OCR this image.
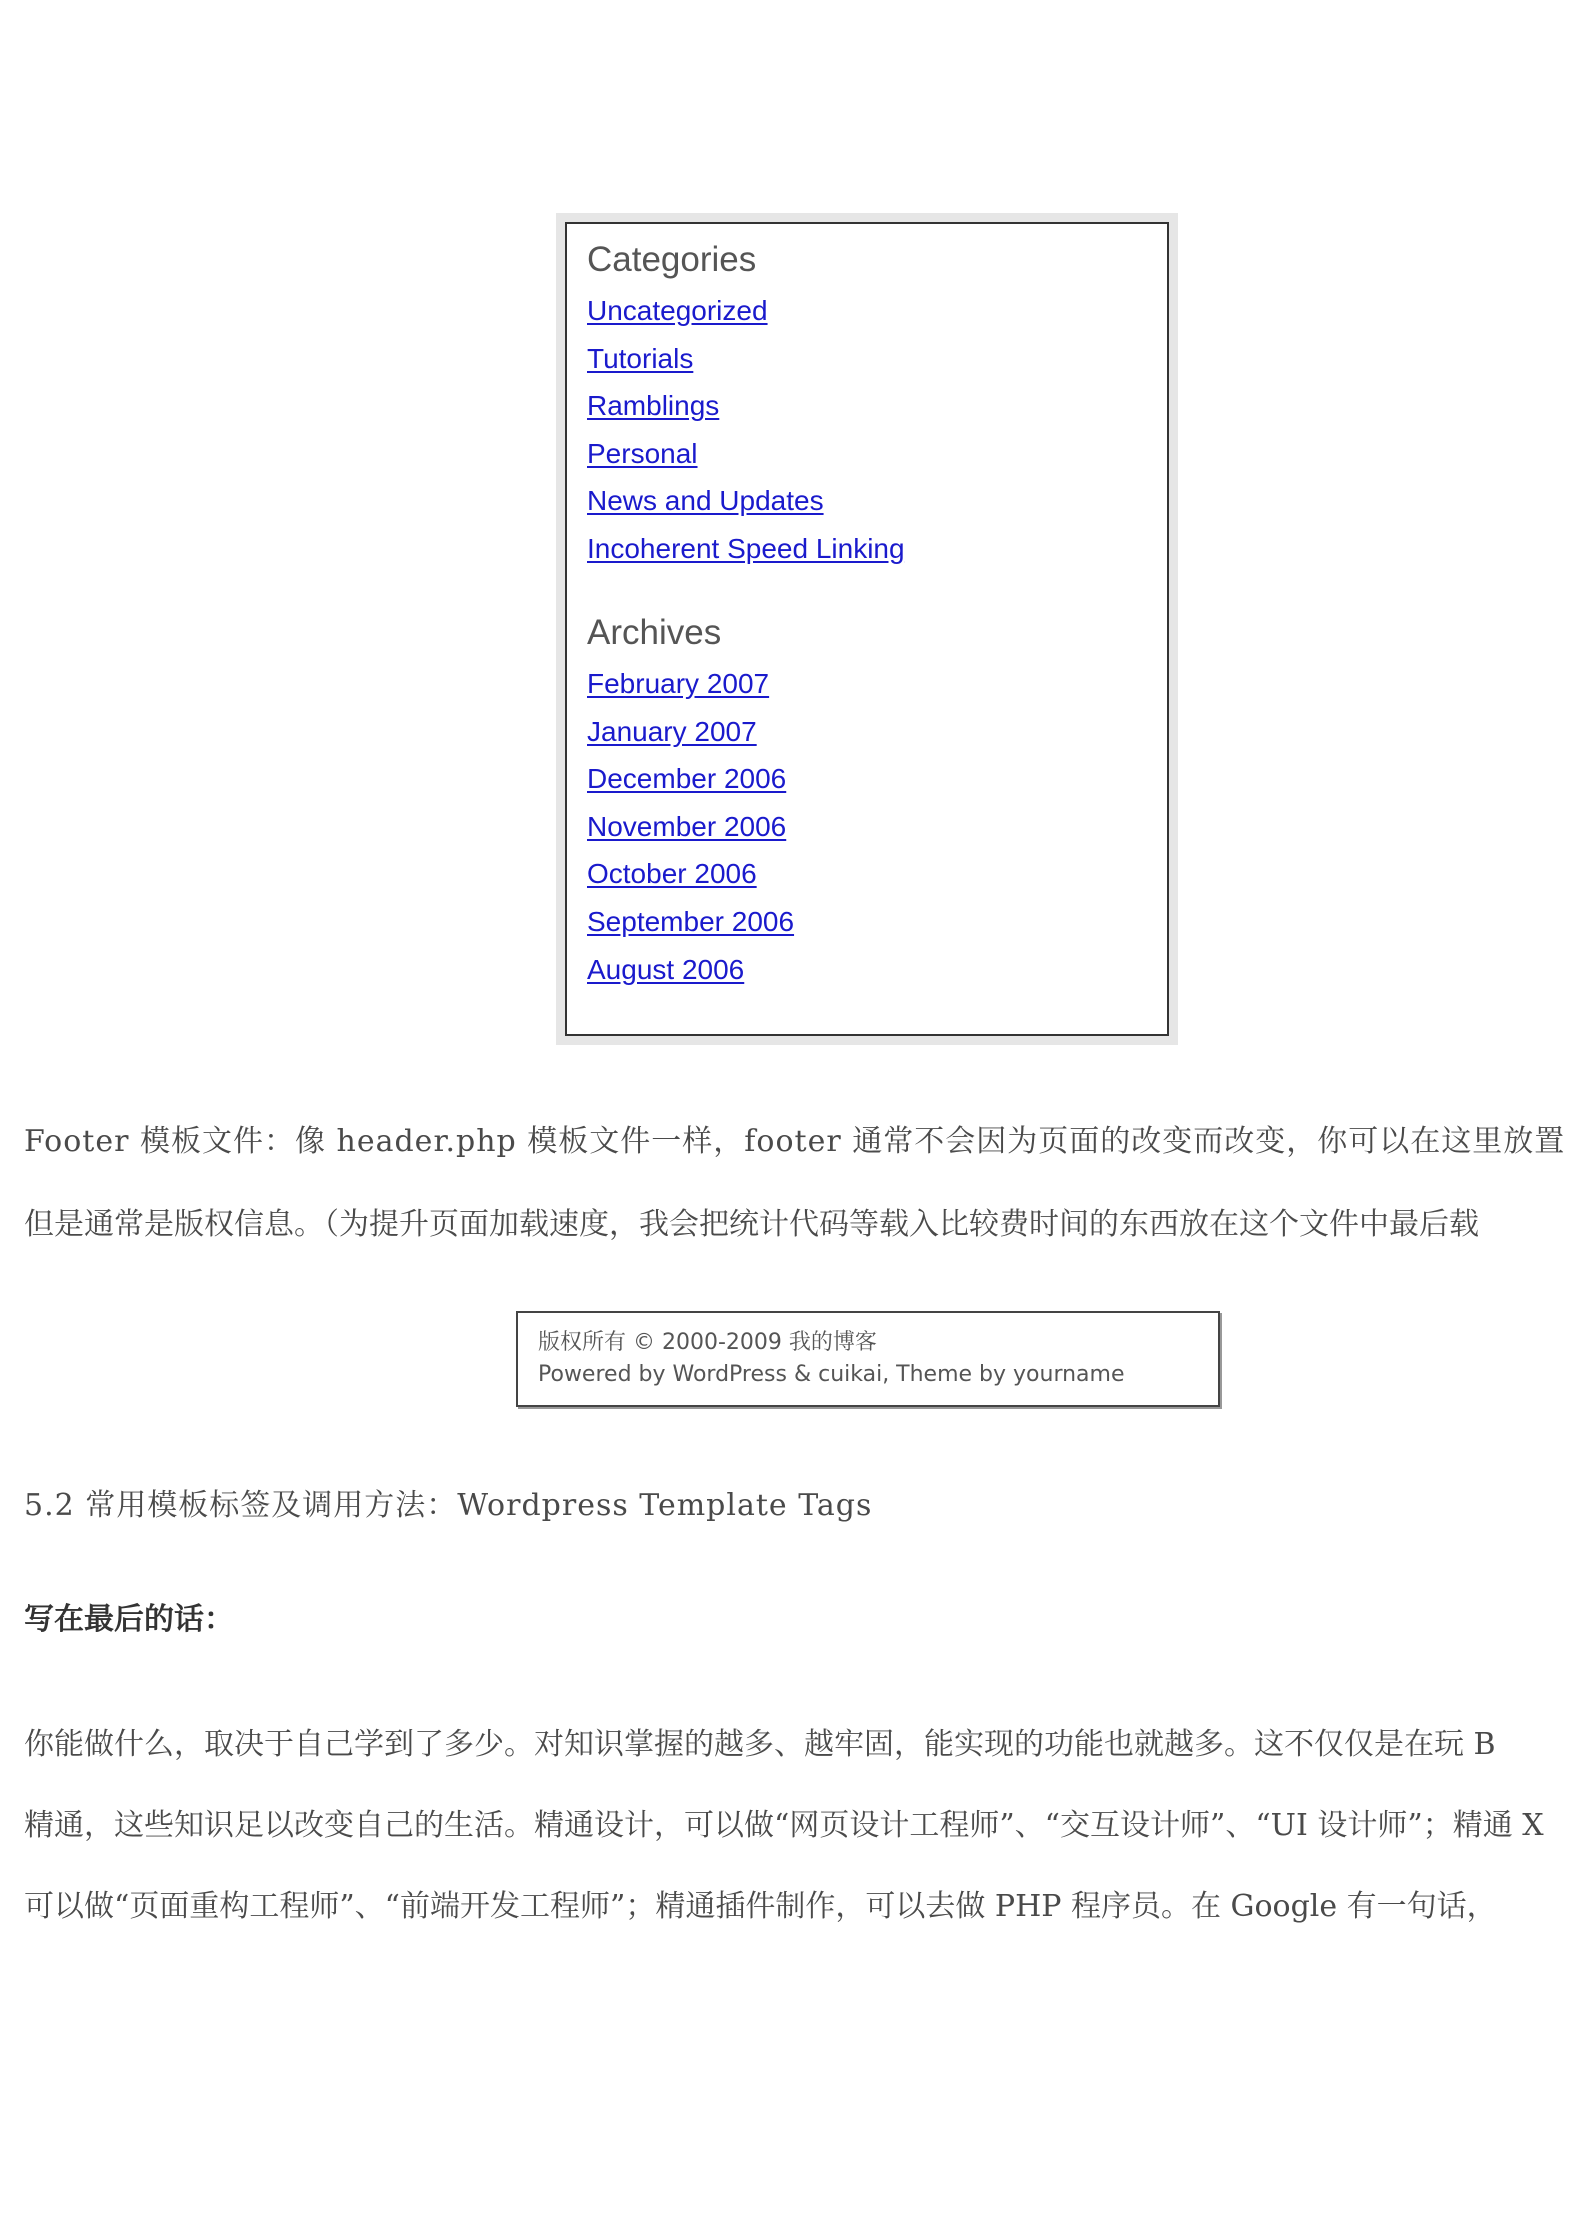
Categories
Uncategorized
Tutorials
Ramblings
Personal
News and Updates
Incoherent Speed Linking
Archives
February 2007
January 2007
December 2006
November 2006
October 2006
September 2006
August 2006

Footer 模板文件：像 header.php 模板文件一样，footer 通常不会因为页面的改变而改变，你可以在这里放置

但是通常是版权信息。（为提升页面加载速度，我会把统计代码等载入比较费时间的东西放在这个文件中最后载

版权所有 © 2000-2009 我的博客
Powered by WordPress & cuikai, Theme by yourname

5.2 常用模板标签及调用方法：Wordpress Template Tags

写在最后的话：

你能做什么，取决于自己学到了多少。对知识掌握的越多、越牢固，能实现的功能也就越多。这不仅仅是在玩 B

精通，这些知识足以改变自己的生活。精通设计，可以做“网页设计工程师”、“交互设计师”、“UI 设计师”；精通 X

可以做“页面重构工程师”、“前端开发工程师”；精通插件制作，可以去做 PHP 程序员。在 Google 有一句话，
